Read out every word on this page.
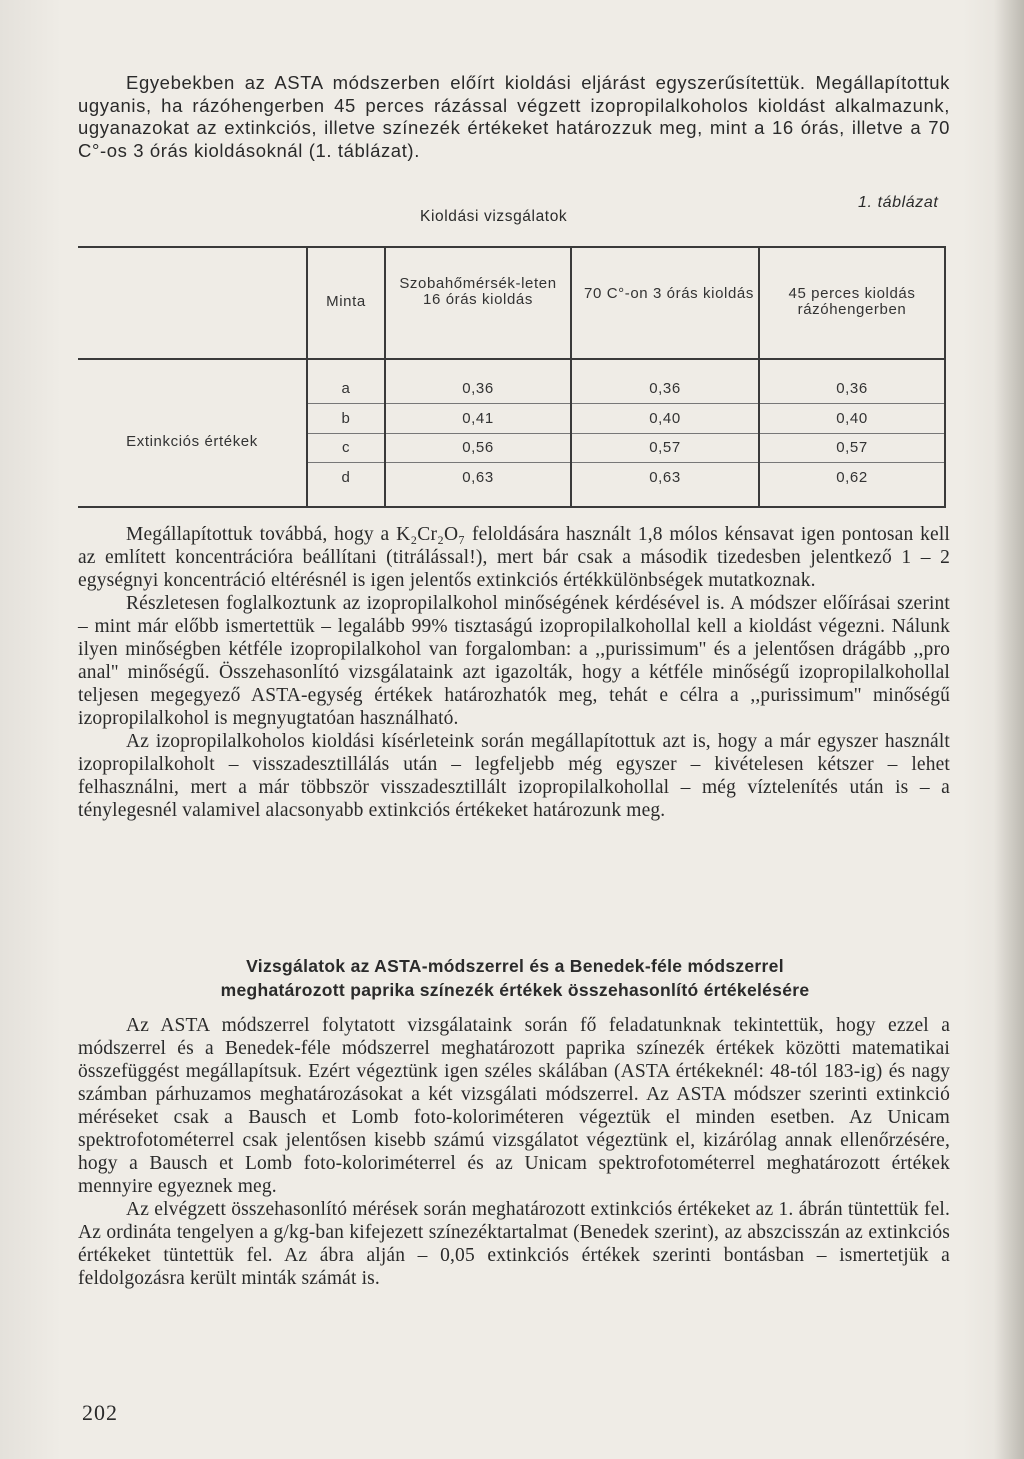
Egyebekben az ASTA módszerben előírt kioldási eljárást egyszerűsítettük. Megállapítottuk ugyanis, ha rázóhengerben 45 perces rázással végzett izopropilalkoholos kioldást alkalmazunk, ugyanazokat az extinkciós, illetve színezék értékeket határozzuk meg, mint a 16 órás, illetve a 70 C°-os 3 órás kioldásoknál (1. táblázat).

1. táblázat
Kioldási vizsgálatok
Minta
Szobahőmérsék-leten 16 órás kioldás	70 C°-on 3 órás kioldás	45 perces kioldás rázóhengerben
Extinkciós értékek
a	0,36	0,36	0,36
b	0,41	0,40	0,40
c	0,56	0,57	0,57
d	0,63	0,63	0,62

Megállapítottuk továbbá, hogy a K₂Cr₂O₇ feloldására használt 1,8 mólos kénsavat igen pontosan kell az említett koncentrációra beállítani (titrálással!), mert bár csak a második tizedesben jelentkező 1 – 2 egységnyi koncentráció eltérésnél is igen jelentős extinkciós értékkülönbségek mutatkoznak.

Részletesen foglalkoztunk az izopropilalkohol minőségének kérdésével is. A módszer előírásai szerint – mint már előbb ismertettük – legalább 99% tisztaságú izopropilalkohollal kell a kioldást végezni. Nálunk ilyen minőségben kétféle izopropilalkohol van forgalomban: a ,,purissimum'' és a jelentősen drágább ,,pro anal'' minőségű. Összehasonlító vizsgálataink azt igazolták, hogy a kétféle minőségű izopropilalkohollal teljesen megegyező ASTA-egység értékek határozhatók meg, tehát e célra a ,,purissimum'' minőségű izopropilalkohol is megnyugtatóan használható.

Az izopropilalkoholos kioldási kísérleteink során megállapítottuk azt is, hogy a már egyszer használt izopropilalkoholt – visszadesztillálás után – legfeljebb még egyszer – kivételesen kétszer – lehet felhasználni, mert a már többször visszadesztillált izopropilalkohollal – még víztelenítés után is – a ténylegesnél valamivel alacsonyabb extinkciós értékeket határozunk meg.

Vizsgálatok az ASTA-módszerrel és a Benedek-féle módszerrel
meghatározott paprika színezék értékek összehasonlító értékelésére

Az ASTA módszerrel folytatott vizsgálataink során fő feladatunknak tekintettük, hogy ezzel a módszerrel és a Benedek-féle módszerrel meghatározott paprika színezék értékek közötti matematikai összefüggést megállapítsuk. Ezért végeztünk igen széles skálában (ASTA értékeknél: 48-tól 183-ig) és nagy számban párhuzamos meghatározásokat a két vizsgálati módszerrel. Az ASTA módszer szerinti extinkció méréseket csak a Bausch et Lomb foto-koloriméteren végeztük el minden esetben. Az Unicam spektrofotométerrel csak jelentősen kisebb számú vizsgálatot végeztünk el, kizárólag annak ellenőrzésére, hogy a Bausch et Lomb foto-koloriméterrel és az Unicam spektrofotométerrel meghatározott értékek mennyire egyeznek meg.

Az elvégzett összehasonlító mérések során meghatározott extinkciós értékeket az 1. ábrán tüntettük fel. Az ordináta tengelyen a g/kg-ban kifejezett színezéktartalmat (Benedek szerint), az abszcisszán az extinkciós értékeket tüntettük fel. Az ábra alján – 0,05 extinkciós értékek szerinti bontásban – ismertetjük a feldolgozásra került minták számát is.

202
